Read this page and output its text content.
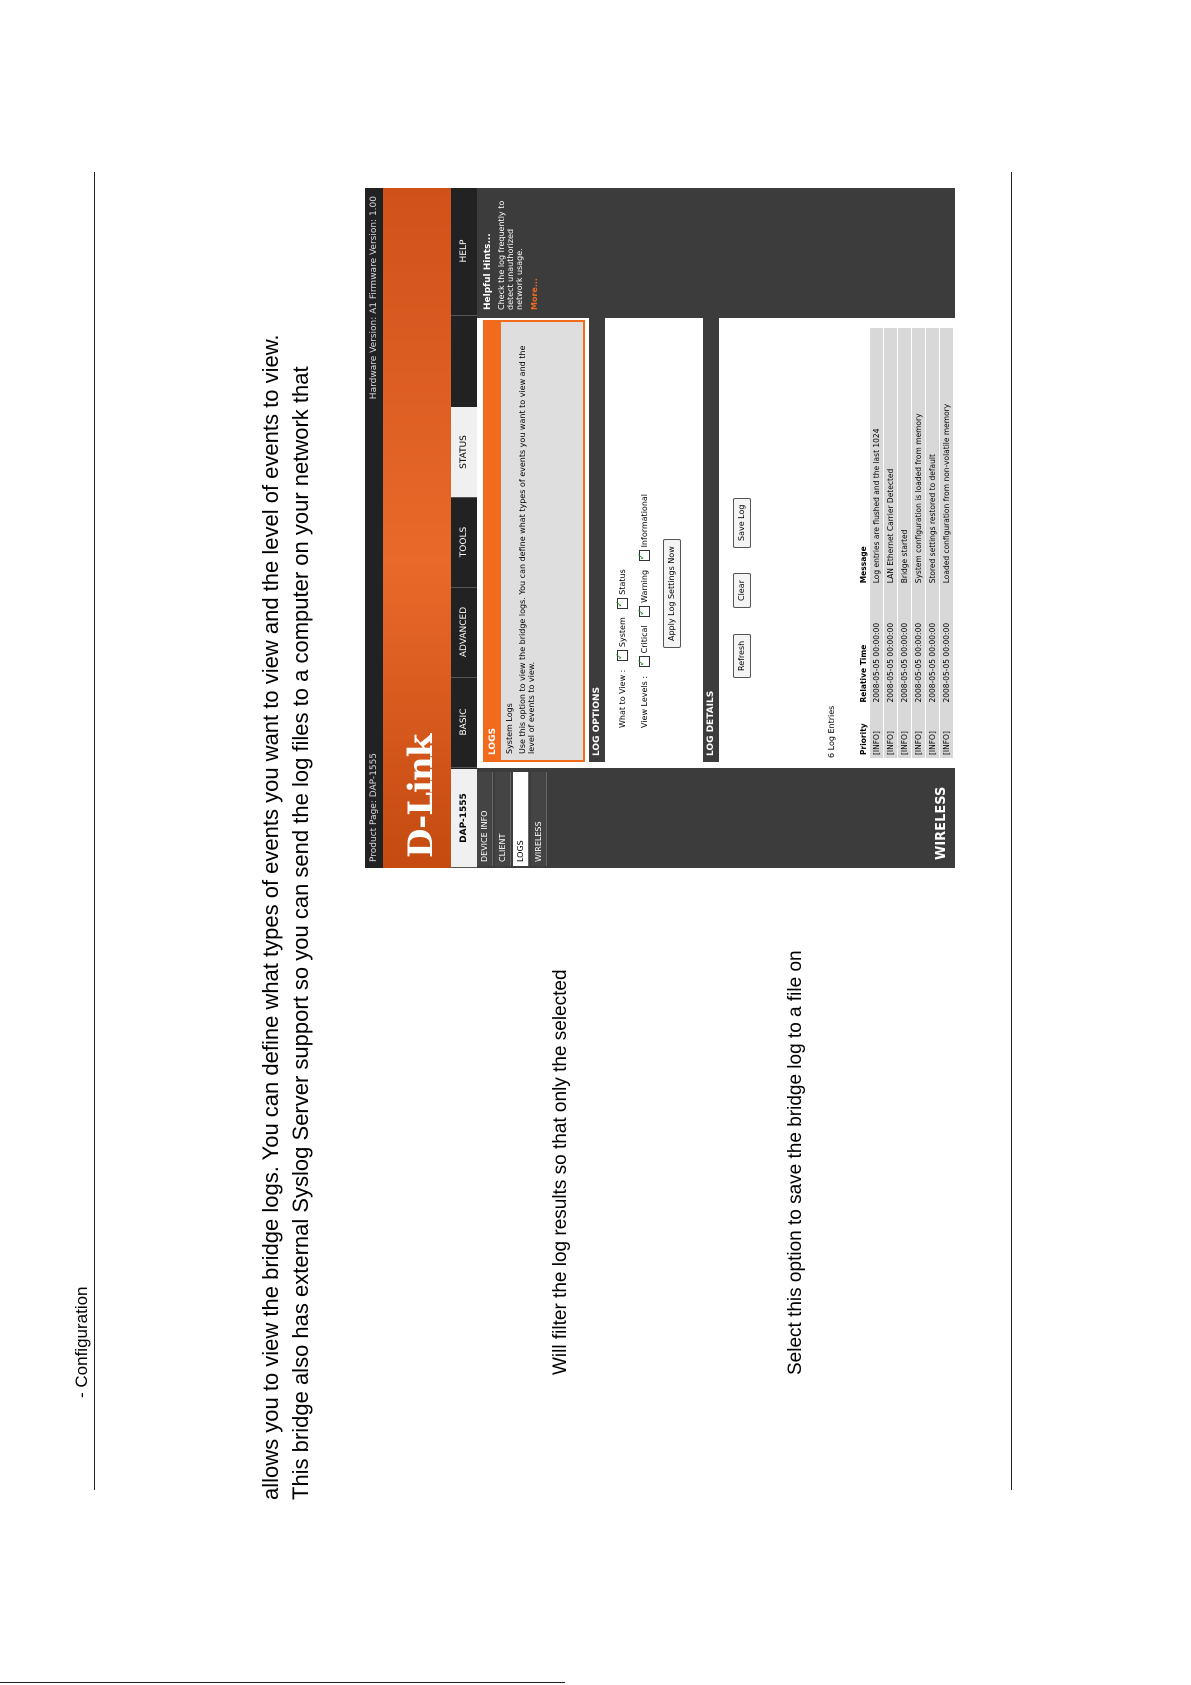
- Configuration	allows you to view the bridge logs. You can define what types of events you want to view and the level of events to view. This bridge also has external Syslog Server support so you can send the log files to a computer on your network that	Will filter the log results so that only the selected	Select this option to save the bridge log to a file on
Product Page: DAP-1555
Hardware Version: A1 Firmware Version: 1.00
D-Link	DAP-1555
BASIC
ADVANCED
TOOLS
STATUS
HELP
DEVICE INFO	CLIENT	LOGS	WIRELESS	WIRELESS
LOGS System Logs Use this option to view the bridge logs. You can define what types of events you want to view and the level of events to view.	LOG OPTIONS	What to View : ✓System ✓Status
View Levels : ✓Critical ✓Warning ✓Informational
Apply Log Settings Now
LOG DETAILS
Refresh
Clear
Save Log
6 Log Entries	Priority	Relative Time	Message
[INFO]	2008-05-05 00:00:00	Log entries are flushed and the last 1024
[INFO]	2008-05-05 00:00:00	LAN Ethernet Carrier Detected
[INFO]	2008-05-05 00:00:00	Bridge started
[INFO]	2008-05-05 00:00:00	System configuration is loaded from memory
[INFO]	2008-05-05 00:00:00	Stored settings restored to default
[INFO]	2008-05-05 00:00:00	Loaded configuration from non-volatile memory
Helpful Hints... Check the log frequently to detect unauthorized network usage. More...
